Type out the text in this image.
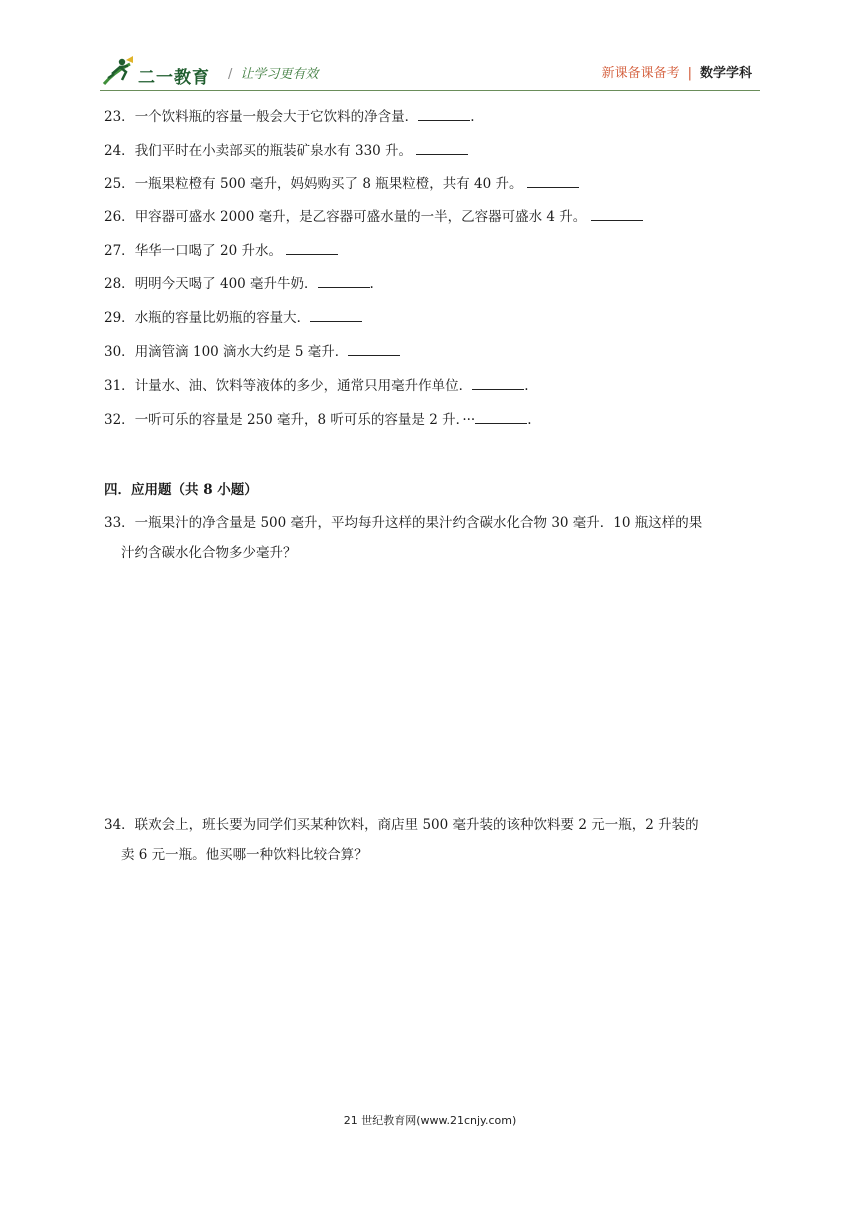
二一教育 / 让学习更有效	新课备课备考 | 数学学科
23．一个饮料瓶的容量一般会大于它饮料的净含量．	.
24．我们平时在小卖部买的瓶装矿泉水有 330 升。
25．一瓶果粒橙有 500 毫升，妈妈购买了 8 瓶果粒橙，共有 40 升。
26．甲容器可盛水 2000 毫升，是乙容器可盛水量的一半，乙容器可盛水 4 升。
27．华华一口喝了 20 升水。
28．明明今天喝了 400 毫升牛奶．	.
29．水瓶的容量比奶瓶的容量大．
30．用滴管滴 100 滴水大约是 5 毫升．
31．计量水、油、饮料等液体的多少，通常只用毫升作单位．	.
32．一听可乐的容量是 250 毫升，8 听可乐的容量是 2 升．···	.
四．应用题（共 8 小题）
33．一瓶果汁的净含量是 500 毫升，平均每升这样的果汁约含碳水化合物 30 毫升．10 瓶这样的果
汁约含碳水化合物多少毫升？
34．联欢会上，班长要为同学们买某种饮料，商店里 500 毫升装的该种饮料要 2 元一瓶，2 升装的
卖 6 元一瓶。他买哪一种饮料比较合算？
21 世纪教育网(www.21cnjy.com)
